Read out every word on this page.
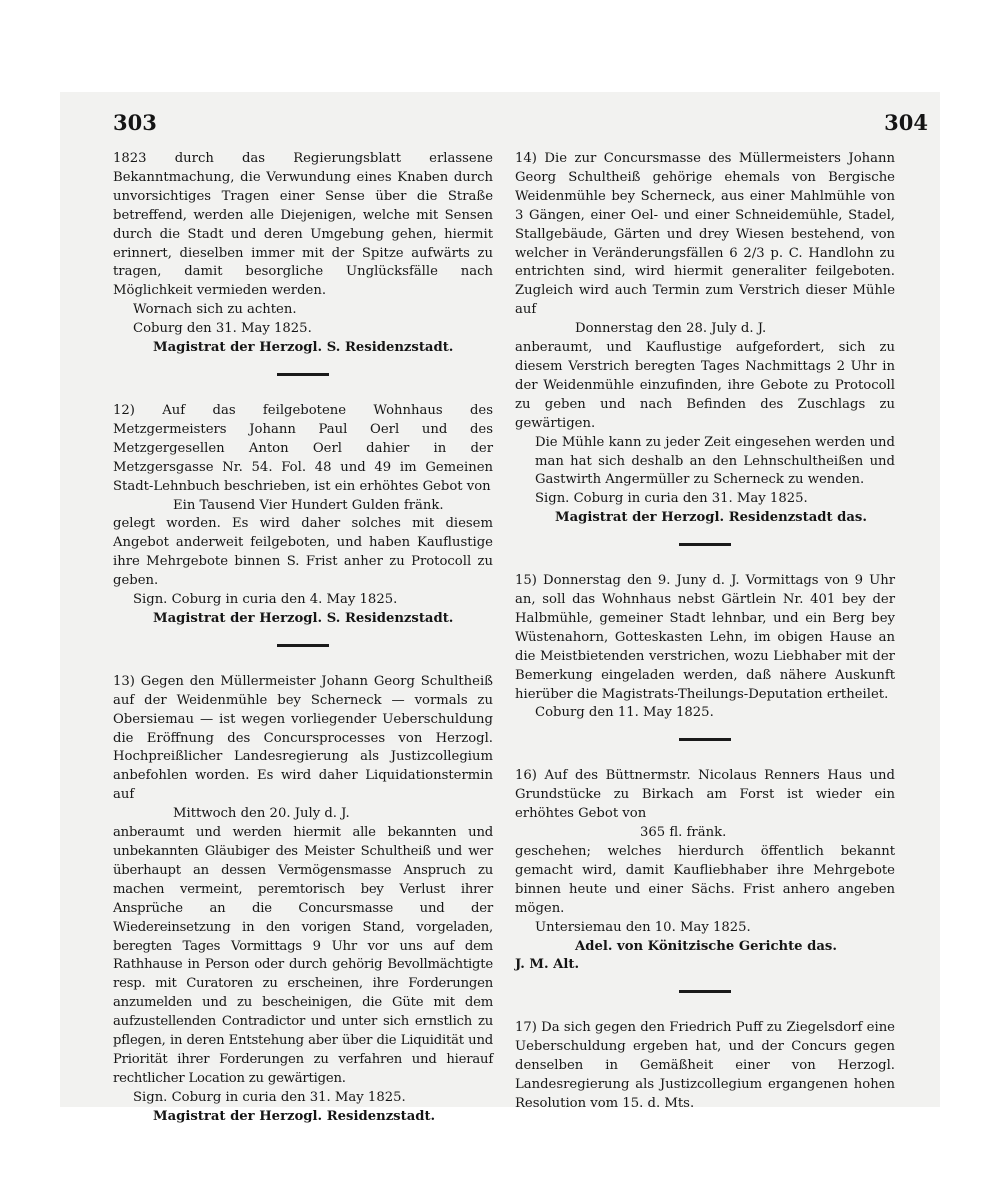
303	304

1823 durch das Regierungsblatt erlassene Bekanntmachung, die Verwundung eines Knaben durch unvorsichtiges Tragen einer Sense über die Straße betreffend, werden alle Diejenigen, welche mit Sensen durch die Stadt und deren Umgebung gehen, hiermit erinnert, dieselben immer mit der Spitze aufwärts zu tragen, damit besorgliche Unglücksfälle nach Möglichkeit vermieden werden.

Wornach sich zu achten.

Coburg den 31. May 1825.

Magistrat der Herzogl. S. Residenzstadt.

12) Auf das feilgebotene Wohnhaus des Metzgermeisters Johann Paul Oerl und des Metzgergesellen Anton Oerl dahier in der Metzgersgasse Nr. 54. Fol. 48 und 49 im Gemeinen Stadt-Lehnbuch beschrieben, ist ein erhöhtes Gebot von

Ein Tausend Vier Hundert Gulden fränk.

gelegt worden. Es wird daher solches mit diesem Angebot anderweit feilgeboten, und haben Kauflustige ihre Mehrgebote binnen S. Frist anher zu Protocoll zu geben.

Sign. Coburg in curia den 4. May 1825.

Magistrat der Herzogl. S. Residenzstadt.

13) Gegen den Müllermeister Johann Georg Schultheiß auf der Weidenmühle bey Scherneck — vormals zu Obersiemau — ist wegen vorliegender Ueberschuldung die Eröffnung des Concursprocesses von Herzogl. Hochpreißlicher Landesregierung als Justizcollegium anbefohlen worden. Es wird daher Liquidationstermin auf

Mittwoch den 20. July d. J.

anberaumt und werden hiermit alle bekannten und unbekannten Gläubiger des Meister Schultheiß und wer überhaupt an dessen Vermögensmasse Anspruch zu machen vermeint, peremtorisch bey Verlust ihrer Ansprüche an die Concursmasse und der Wiedereinsetzung in den vorigen Stand, vorgeladen, beregten Tages Vormittags 9 Uhr vor uns auf dem Rathhause in Person oder durch gehörig Bevollmächtigte resp. mit Curatoren zu erscheinen, ihre Forderungen anzumelden und zu bescheinigen, die Güte mit dem aufzustellenden Contradictor und unter sich ernstlich zu pflegen, in deren Entstehung aber über die Liquidität und Priorität ihrer Forderungen zu verfahren und hierauf rechtlicher Location zu gewärtigen.

Sign. Coburg in curia den 31. May 1825.

Magistrat der Herzogl. Residenzstadt.

14) Die zur Concursmasse des Müllermeisters Johann Georg Schultheiß gehörige ehemals von Bergische Weidenmühle bey Scherneck, aus einer Mahlmühle von 3 Gängen, einer Oel- und einer Schneidemühle, Stadel, Stallgebäude, Gärten und drey Wiesen bestehend, von welcher in Veränderungsfällen 6 2/3 p. C. Handlohn zu entrichten sind, wird hiermit generaliter feilgeboten. Zugleich wird auch Termin zum Verstrich dieser Mühle auf

Donnerstag den 28. July d. J.

anberaumt, und Kauflustige aufgefordert, sich zu diesem Verstrich beregten Tages Nachmittags 2 Uhr in der Weidenmühle einzufinden, ihre Gebote zu Protocoll zu geben und nach Befinden des Zuschlags zu gewärtigen.

Die Mühle kann zu jeder Zeit eingesehen werden und man hat sich deshalb an den Lehnschultheißen und Gastwirth Angermüller zu Scherneck zu wenden.

Sign. Coburg in curia den 31. May 1825.

Magistrat der Herzogl. Residenzstadt das.

15) Donnerstag den 9. Juny d. J. Vormittags von 9 Uhr an, soll das Wohnhaus nebst Gärtlein Nr. 401 bey der Halbmühle, gemeiner Stadt lehnbar, und ein Berg bey Wüstenahorn, Gotteskasten Lehn, im obigen Hause an die Meistbietenden verstrichen, wozu Liebhaber mit der Bemerkung eingeladen werden, daß nähere Auskunft hierüber die Magistrats-Theilungs-Deputation ertheilet.

Coburg den 11. May 1825.

16) Auf des Büttnermstr. Nicolaus Renners Haus und Grundstücke zu Birkach am Forst ist wieder ein erhöhtes Gebot von

365 fl. fränk.

geschehen; welches hierdurch öffentlich bekannt gemacht wird, damit Kaufliebhaber ihre Mehrgebote binnen heute und einer Sächs. Frist anhero angeben mögen.

Untersiemau den 10. May 1825.

Adel. von Könitzische Gerichte das.

J. M. Alt.

17) Da sich gegen den Friedrich Puff zu Ziegelsdorf eine Ueberschuldung ergeben hat, und der Concurs gegen denselben in Gemäßheit einer von Herzogl. Landesregierung als Justizcollegium ergangenen hohen Resolution vom 15. d. Mts.
